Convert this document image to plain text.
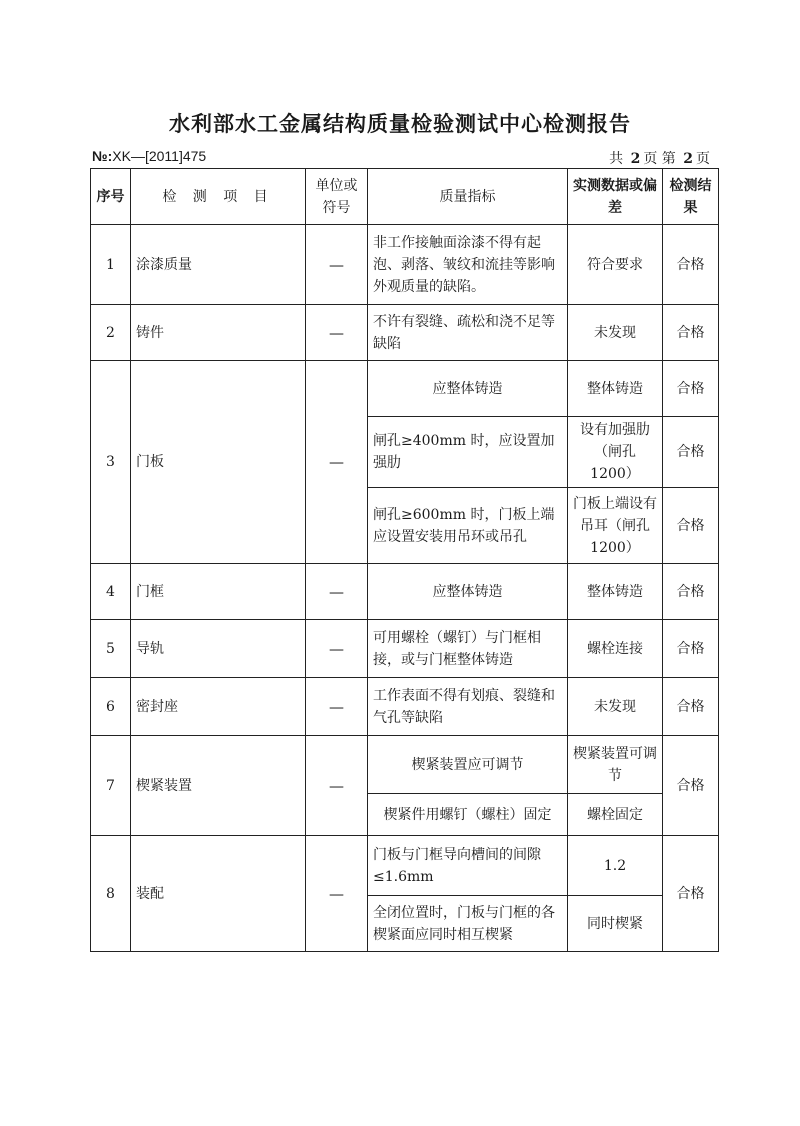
水利部水工金属结构质量检验测试中心检测报告
№:XK—[2011]475	共 2 页 第 2 页
序号	检 测 项 目	单位或符号	质量指标	实测数据或偏差	检测结果
1	涂漆质量	—	非工作接触面涂漆不得有起泡、剥落、皱纹和流挂等影响外观质量的缺陷。	符合要求	合格
2	铸件	—	不许有裂缝、疏松和浇不足等缺陷	未发现	合格
3	门板	—	应整体铸造	整体铸造	合格
			闸孔≥400mm 时，应设置加强肋	设有加强肋（闸孔1200）	合格
			闸孔≥600mm 时，门板上端应设置安装用吊环或吊孔	门板上端设有吊耳（闸孔1200）	合格
4	门框	—	应整体铸造	整体铸造	合格
5	导轨	—	可用螺栓（螺钉）与门框相接，或与门框整体铸造	螺栓连接	合格
6	密封座	—	工作表面不得有划痕、裂缝和气孔等缺陷	未发现	合格
7	楔紧装置	—	楔紧装置应可调节	楔紧装置可调节	合格
			楔紧件用螺钉（螺柱）固定	螺栓固定	
8	装配	—	门板与门框导向槽间的间隙≤1.6mm	1.2	合格
			全闭位置时，门板与门框的各楔紧面应同时相互楔紧	同时楔紧	
